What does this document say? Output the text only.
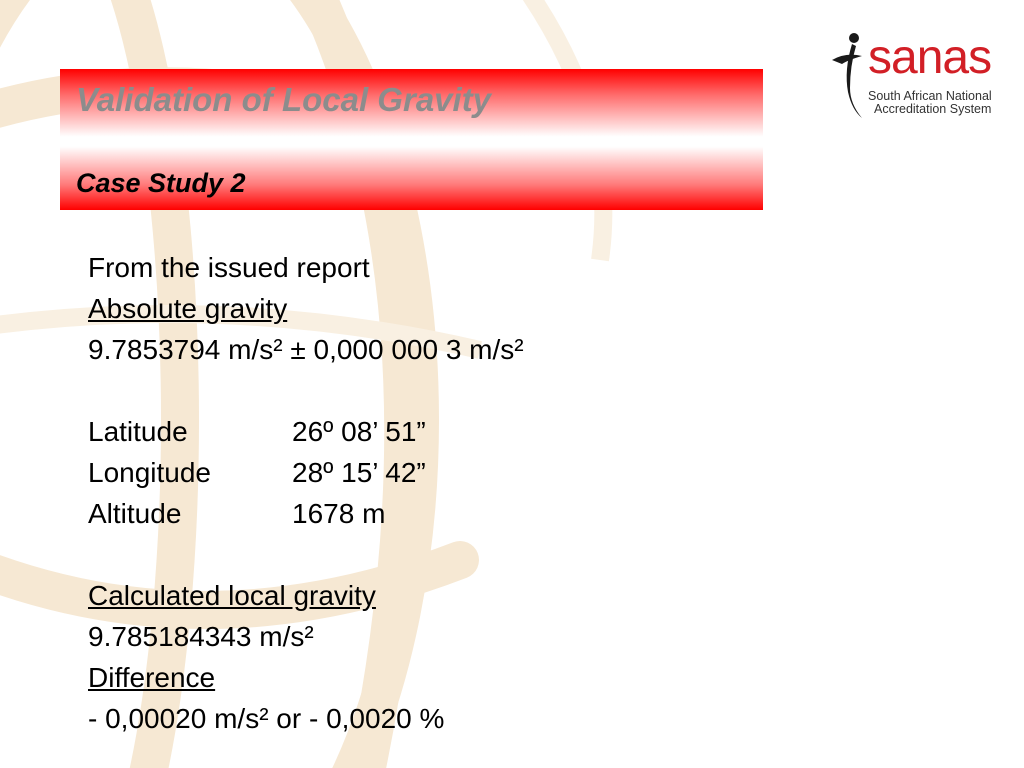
Validation of Local Gravity
Case Study 2
sanas
South African National
Accreditation System
From the issued report
Absolute gravity
9.7853794 m/s² ± 0,000 000 3 m/s²
Latitude	26º 08’ 51”
Longitude	28º 15’ 42”
Altitude	1678 m
Calculated local gravity
9.785184343 m/s²
Difference
- 0,00020 m/s² or - 0,0020 %
